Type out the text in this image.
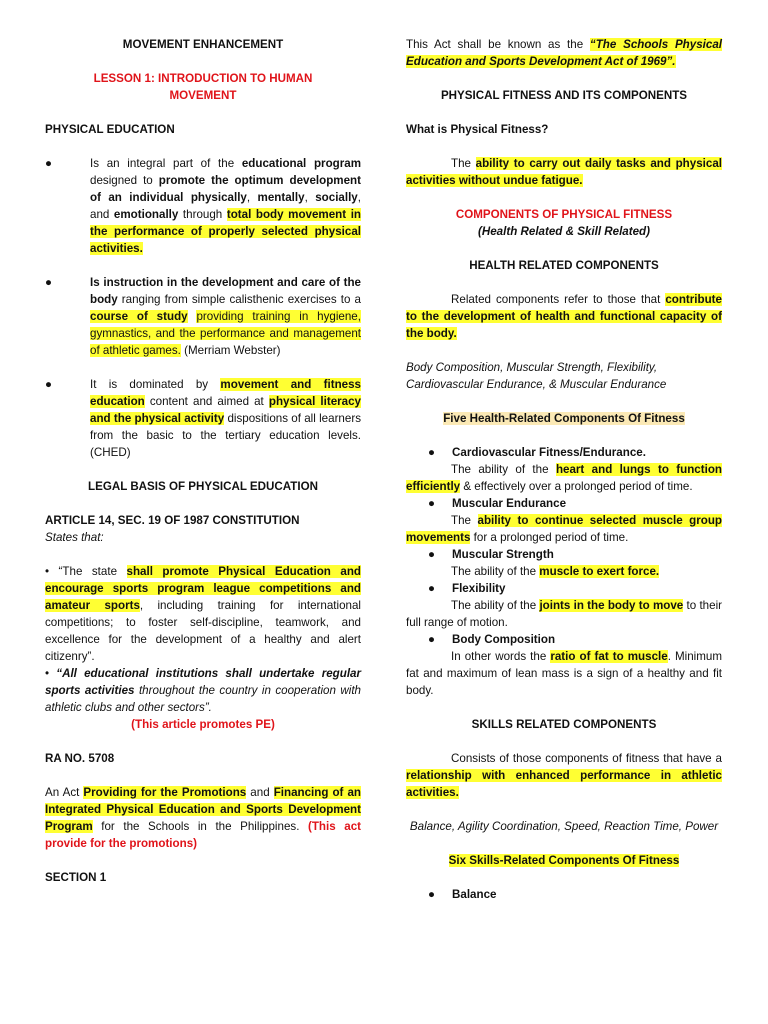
MOVEMENT ENHANCEMENT

LESSON 1: INTRODUCTION TO HUMAN

MOVEMENT

PHYSICAL EDUCATION

●	Is an integral part of the educational program designed to promote the optimum development of an individual physically, mentally, socially, and emotionally through total body movement in the performance of properly selected physical activities.

●	Is instruction in the development and care of the body ranging from simple calisthenic exercises to a course of study providing training in hygiene, gymnastics, and the performance and management of athletic games. (Merriam Webster)

●	It is dominated by movement and fitness education content and aimed at physical literacy and the physical activity dispositions of all learners from the basic to the tertiary education levels. (CHED)

LEGAL BASIS OF PHYSICAL EDUCATION

ARTICLE 14, SEC. 19 OF 1987 CONSTITUTION

States that:

• “The state shall promote Physical Education and encourage sports program league competitions and amateur sports, including training for international competitions; to foster self-discipline, teamwork, and excellence for the development of a healthy and alert citizenry”.

• “All educational institutions shall undertake regular sports activities throughout the country in cooperation with athletic clubs and other sectors”.

(This article promotes PE)

RA NO. 5708

An Act Providing for the Promotions and Financing of an Integrated Physical Education and Sports Development Program for the Schools in the Philippines. (This act provide for the promotions)

SECTION 1

This Act shall be known as the “The Schools Physical Education and Sports Development Act of 1969”.

PHYSICAL FITNESS AND ITS COMPONENTS

What is Physical Fitness?

The ability to carry out daily tasks and physical activities without undue fatigue.

COMPONENTS OF PHYSICAL FITNESS

(Health Related & Skill Related)

HEALTH RELATED COMPONENTS

Related components refer to those that contribute to the development of health and functional capacity of the body.

Body Composition, Muscular Strength, Flexibility, Cardiovascular Endurance, & Muscular Endurance

Five Health-Related Components Of Fitness

● Cardiovascular Fitness/Endurance.

The ability of the heart and lungs to function efficiently & effectively over a prolonged period of time.

● Muscular Endurance

The ability to continue selected muscle group movements for a prolonged period of time.

● Muscular Strength

The ability of the muscle to exert force.

● Flexibility

The ability of the joints in the body to move to their full range of motion.

● Body Composition

In other words the ratio of fat to muscle. Minimum fat and maximum of lean mass is a sign of a healthy and fit body.

SKILLS RELATED COMPONENTS

Consists of those components of fitness that have a relationship with enhanced performance in athletic activities.

Balance, Agility Coordination, Speed, Reaction Time, Power

Six Skills-Related Components Of Fitness

● Balance
